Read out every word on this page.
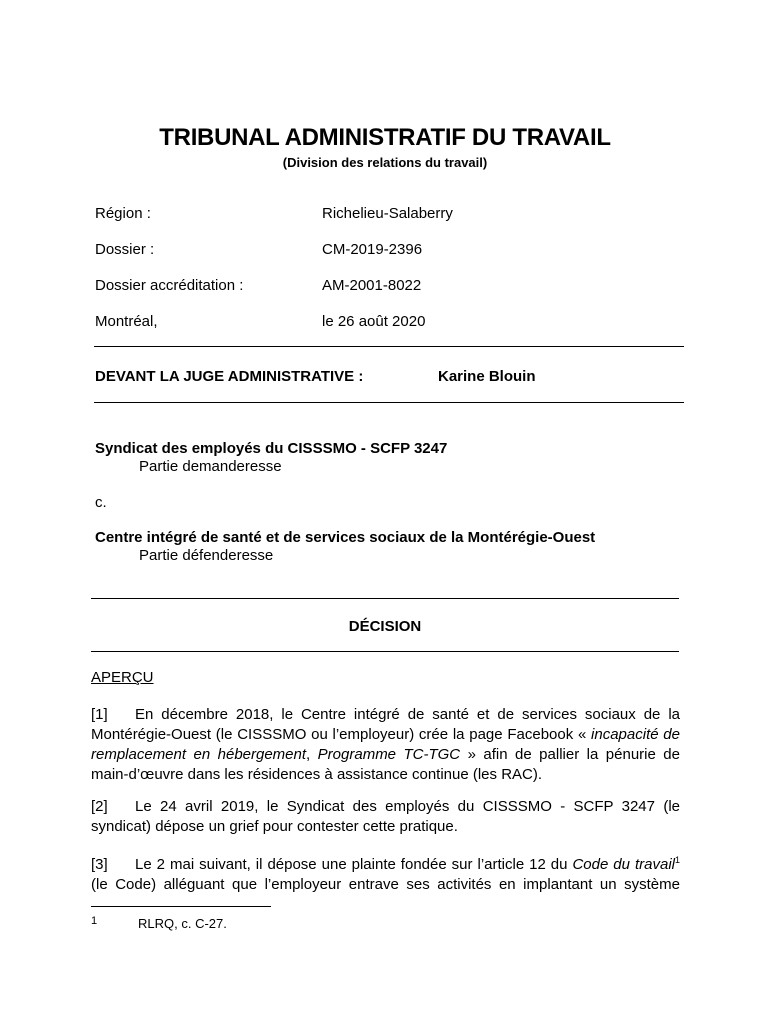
TRIBUNAL ADMINISTRATIF DU TRAVAIL
(Division des relations du travail)
Région :	Richelieu-Salaberry
Dossier :	CM-2019-2396
Dossier accréditation :	AM-2001-8022
Montréal,	le 26 août 2020
DEVANT LA JUGE ADMINISTRATIVE :	Karine Blouin
Syndicat des employés du CISSSMO - SCFP 3247
Partie demanderesse
c.
Centre intégré de santé et de services sociaux de la Montérégie-Ouest
Partie défenderesse
DÉCISION
APERÇU
[1] En décembre 2018, le Centre intégré de santé et de services sociaux de la Montérégie-Ouest (le CISSSMO ou l’employeur) crée la page Facebook « incapacité de remplacement en hébergement, Programme TC-TGC » afin de pallier la pénurie de main-d’œuvre dans les résidences à assistance continue (les RAC).
[2] Le 24 avril 2019, le Syndicat des employés du CISSSMO - SCFP 3247 (le syndicat) dépose un grief pour contester cette pratique.
[3] Le 2 mai suivant, il dépose une plainte fondée sur l’article 12 du Code du travail$^1$ (le Code) alléguant que l’employeur entrave ses activités en implantant un système
1	RLRQ, c. C-27.
